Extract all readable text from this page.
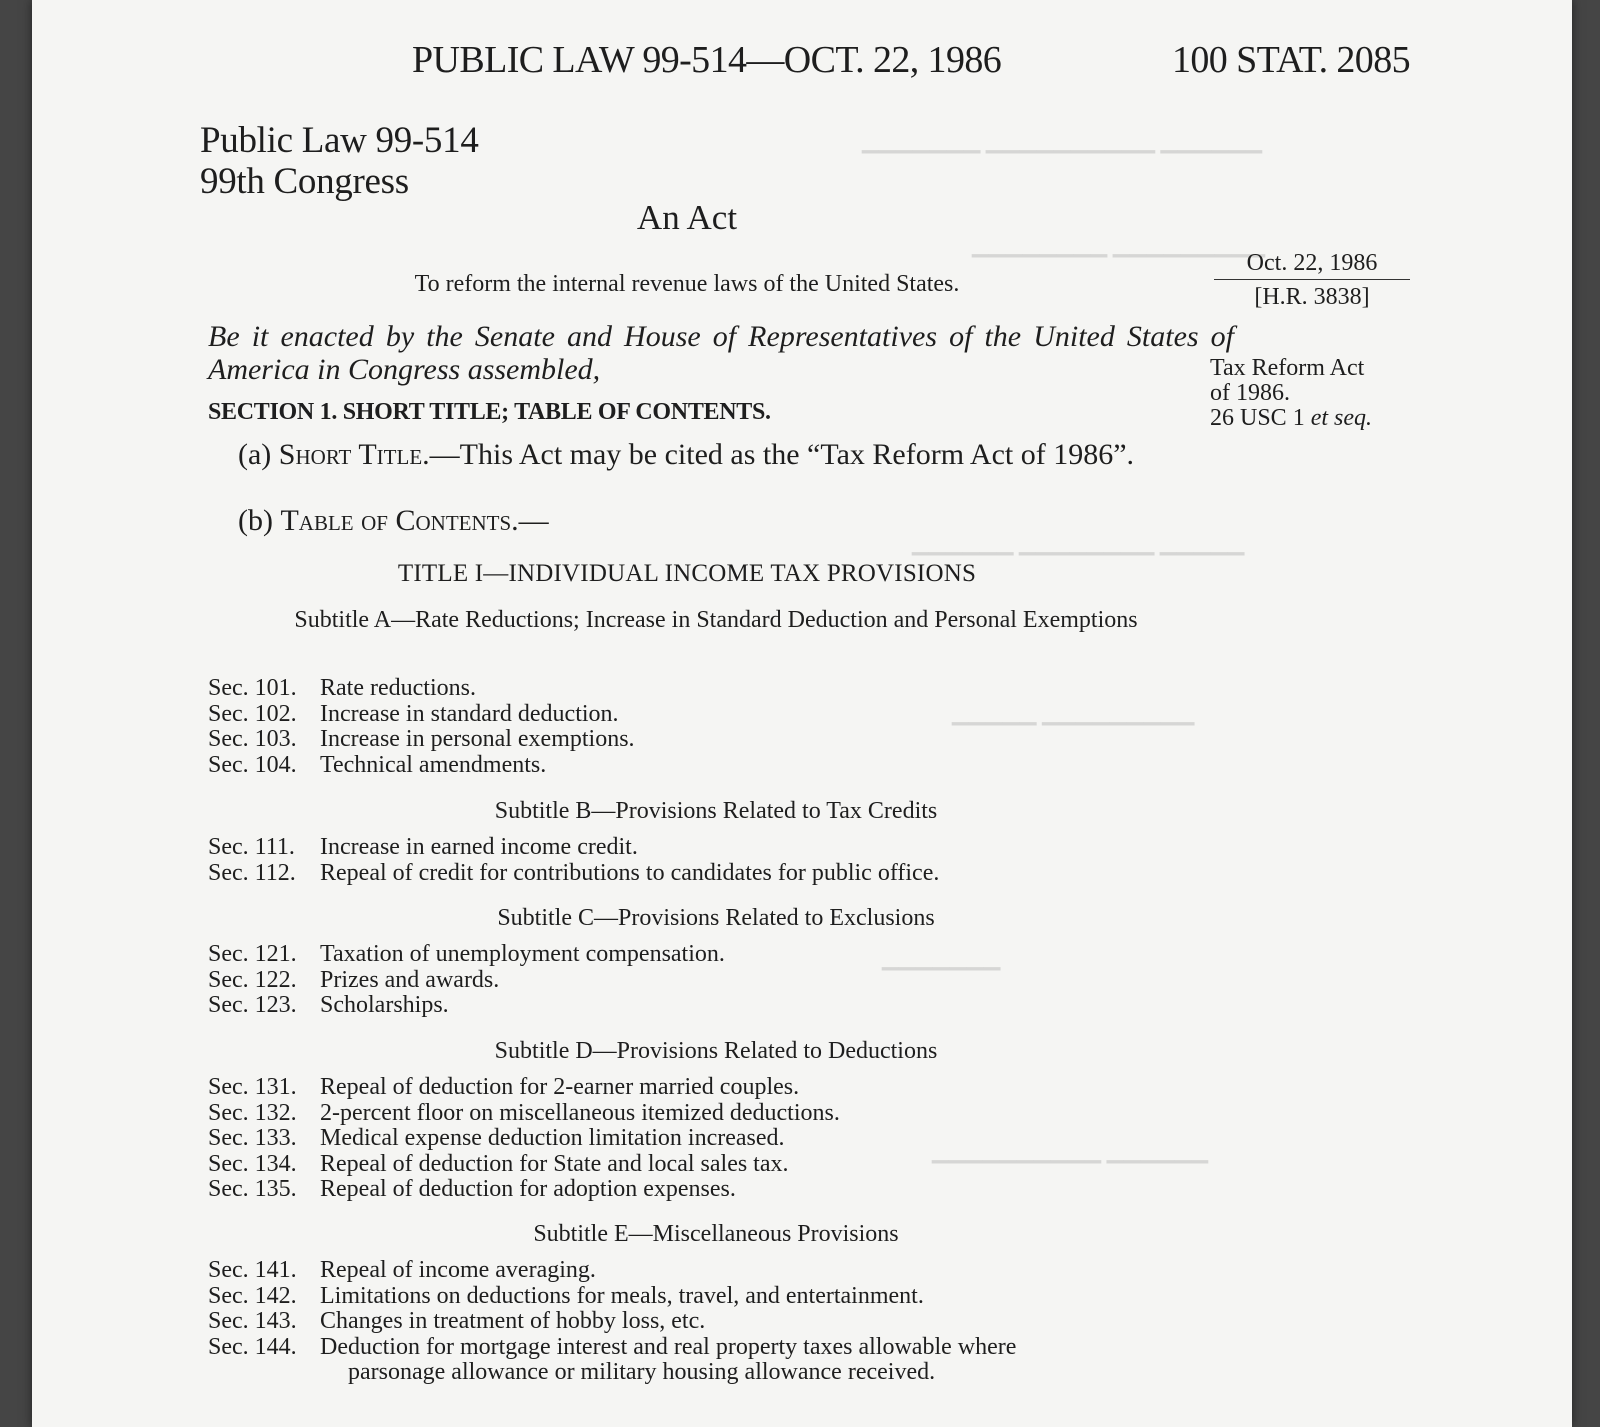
▁▁▁▁▁▁▁ ▁▁▁▁▁▁▁▁▁▁ ▁▁▁▁▁▁
▁▁▁▁▁▁▁▁ ▁▁▁▁▁▁▁▁▁
▁▁▁▁▁▁ ▁▁▁▁▁▁▁▁ ▁▁▁▁▁
▁▁▁▁▁ ▁▁▁▁▁▁▁▁▁
▁▁▁▁▁▁▁
▁▁▁▁▁▁▁▁▁▁ ▁▁▁▁▁▁
PUBLIC LAW 99-514—OCT. 22, 1986	100 STAT. 2085
Public Law 99-514
99th Congress
An Act
To reform the internal revenue laws of the United States.
Oct. 22, 1986
[H.R. 3838]
Tax Reform Act
of 1986.
26 USC 1 et seq.
Be it enacted by the Senate and House of Representatives of the United States of America in Congress assembled,
SECTION 1. SHORT TITLE; TABLE OF CONTENTS.
(a) Short Title.—This Act may be cited as the “Tax Reform Act of 1986”.
(b) Table of Contents.—
TITLE I—INDIVIDUAL INCOME TAX PROVISIONS
Subtitle A—Rate Reductions; Increase in Standard Deduction and Personal Exemptions
Sec. 101. Rate reductions.
Sec. 102. Increase in standard deduction.
Sec. 103. Increase in personal exemptions.
Sec. 104. Technical amendments.
Subtitle B—Provisions Related to Tax Credits
Sec. 111.	Increase in earned income credit.
Sec. 112.	Repeal of credit for contributions to candidates for public office.
Subtitle C—Provisions Related to Exclusions
Sec. 121. Taxation of unemployment compensation.
Sec. 122. Prizes and awards.
Sec. 123. Scholarships.
Subtitle D—Provisions Related to Deductions
Sec. 131. Repeal of deduction for 2-earner married couples.
Sec. 132. 2-percent floor on miscellaneous itemized deductions.
Sec. 133. Medical expense deduction limitation increased.
Sec. 134. Repeal of deduction for State and local sales tax.
Sec. 135. Repeal of deduction for adoption expenses.
Subtitle E—Miscellaneous Provisions
Sec. 141. Repeal of income averaging.
Sec. 142. Limitations on deductions for meals, travel, and entertainment.
Sec. 143. Changes in treatment of hobby loss, etc.
Sec. 144. Deduction for mortgage interest and real property taxes allowable where
parsonage allowance or military housing allowance received.
